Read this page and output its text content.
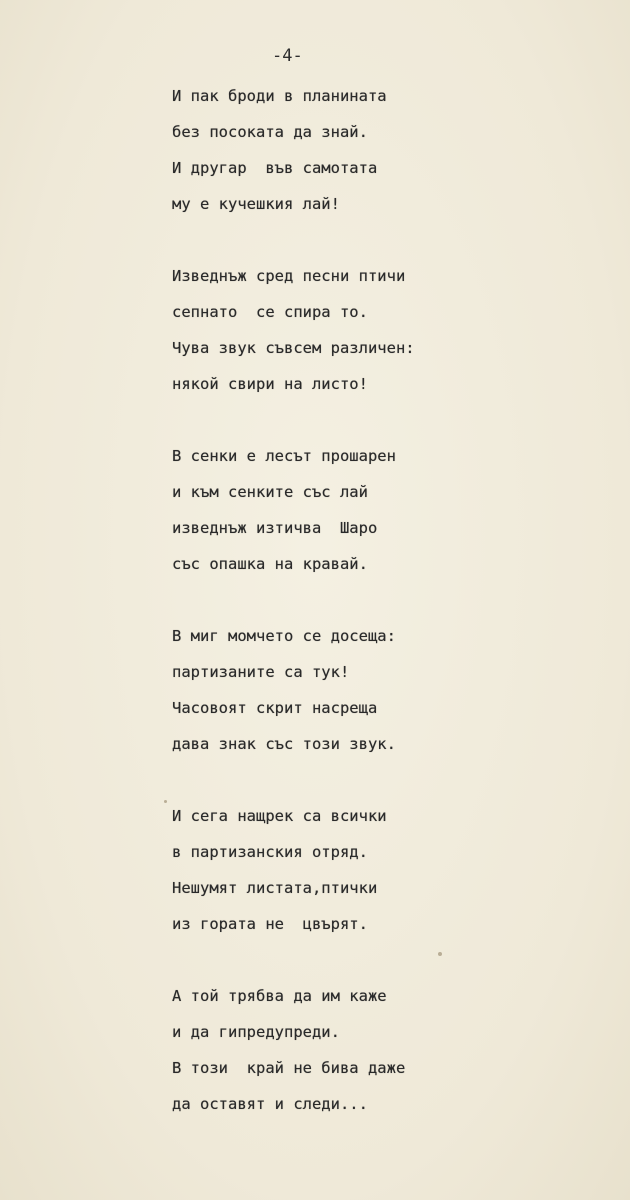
-4-
И пак броди в планината
без посоката да знай.
И другар  във самотата
му е кучешкия лай!
Изведнъж сред песни птичи
сепнато  се спира то.
Чува звук съвсем различен:
някой свири на листо!
В сенки е лесът прошарен
и към сенките със лай
изведнъж изтичва  Шаро
със опашка на кравай.
В миг момчето се досеща:
партизаните са тук!
Часовоят скрит насреща
дава знак със този звук.
И сега нащрек са всички
в партизанския отряд.
Нешумят листата,птички
из гората не  цвърят.
А той трябва да им каже
и да гипредупреди.
В този  край не бива даже
да оставят и следи...
